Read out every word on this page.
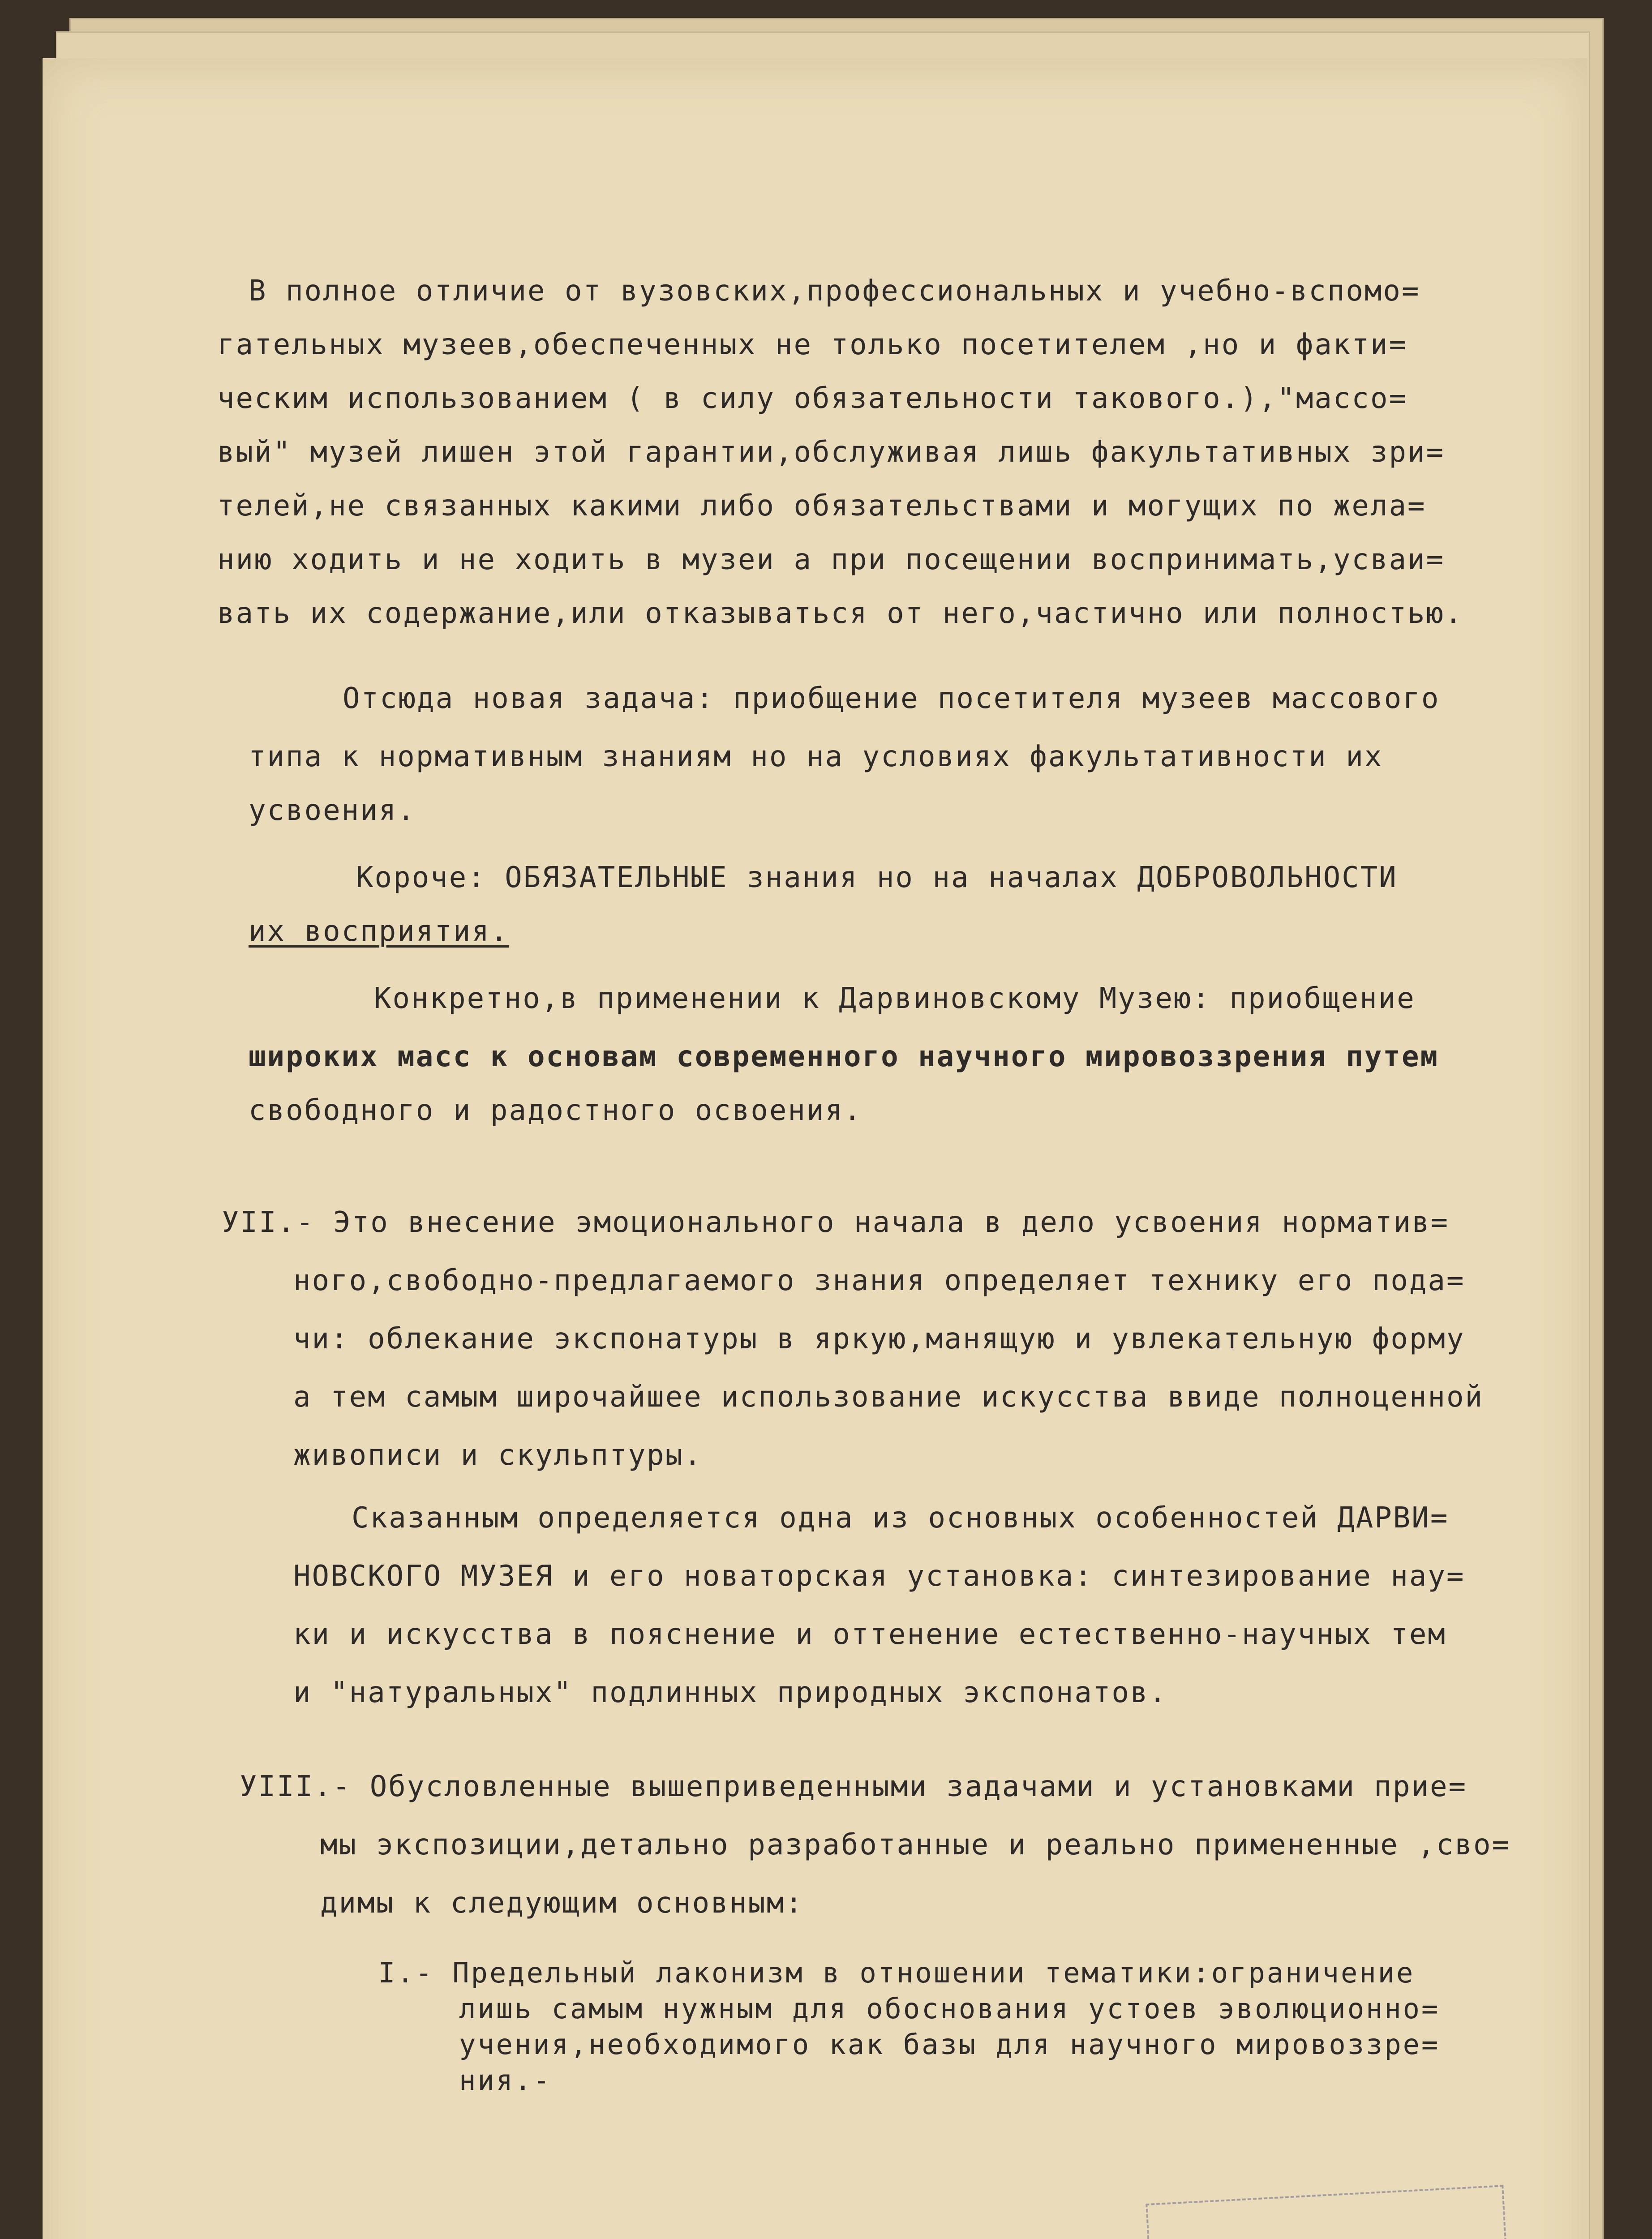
В полное отличие от вузовских,профессиональных и учебно-вспомо=
гательных музеев,обеспеченных не только посетителем ,но и факти=
ческим использованием ( в силу обязательности такового.),"массо=
вый" музей лишен этой гарантии,обслуживая лишь факультативных зри=
телей,не связанных какими либо обязательствами и могущих по жела=
нию ходить и не ходить в музеи а при посещении воспринимать,усваи=
вать их содержание,или отказываться от него,частично или полностью.
Отсюда новая задача: приобщение посетителя музеев массового
типа к нормативным знаниям но на условиях факультативности их
усвоения.
Короче: ОБЯЗАТЕЛЬНЫЕ знания но на началах ДОБРОВОЛЬНОСТИ
их восприятия.
Конкретно,в применении к Дарвиновскому Музею: приобщение
широких масс к основам современного научного мировоззрения путем
свободного и радостного освоения.
УII.- Это внесение эмоционального начала в дело усвоения норматив=
ного,свободно-предлагаемого знания определяет технику его пода=
чи: облекание экспонатуры в яркую,манящую и увлекательную форму
а тем самым широчайшее использование искусства ввиде полноценной
живописи и скульптуры.
Сказанным определяется одна из основных особенностей ДАРВИ=
НОВСКОГО МУЗЕЯ и его новаторская установка: синтезирование нау=
ки и искусства в пояснение и оттенение естественно-научных тем
и "натуральных" подлинных природных экспонатов.
УIII.- Обусловленные вышеприведенными задачами и установками прие=
мы экспозиции,детально разработанные и реально примененные ,сво=
димы к следующим основным:
I.- Предельный лаконизм в отношении тематики:ограничение
лишь самым нужным для обоснования устоев эволюционно=
учения,необходимого как базы для научного мировоззре=
ния.-
